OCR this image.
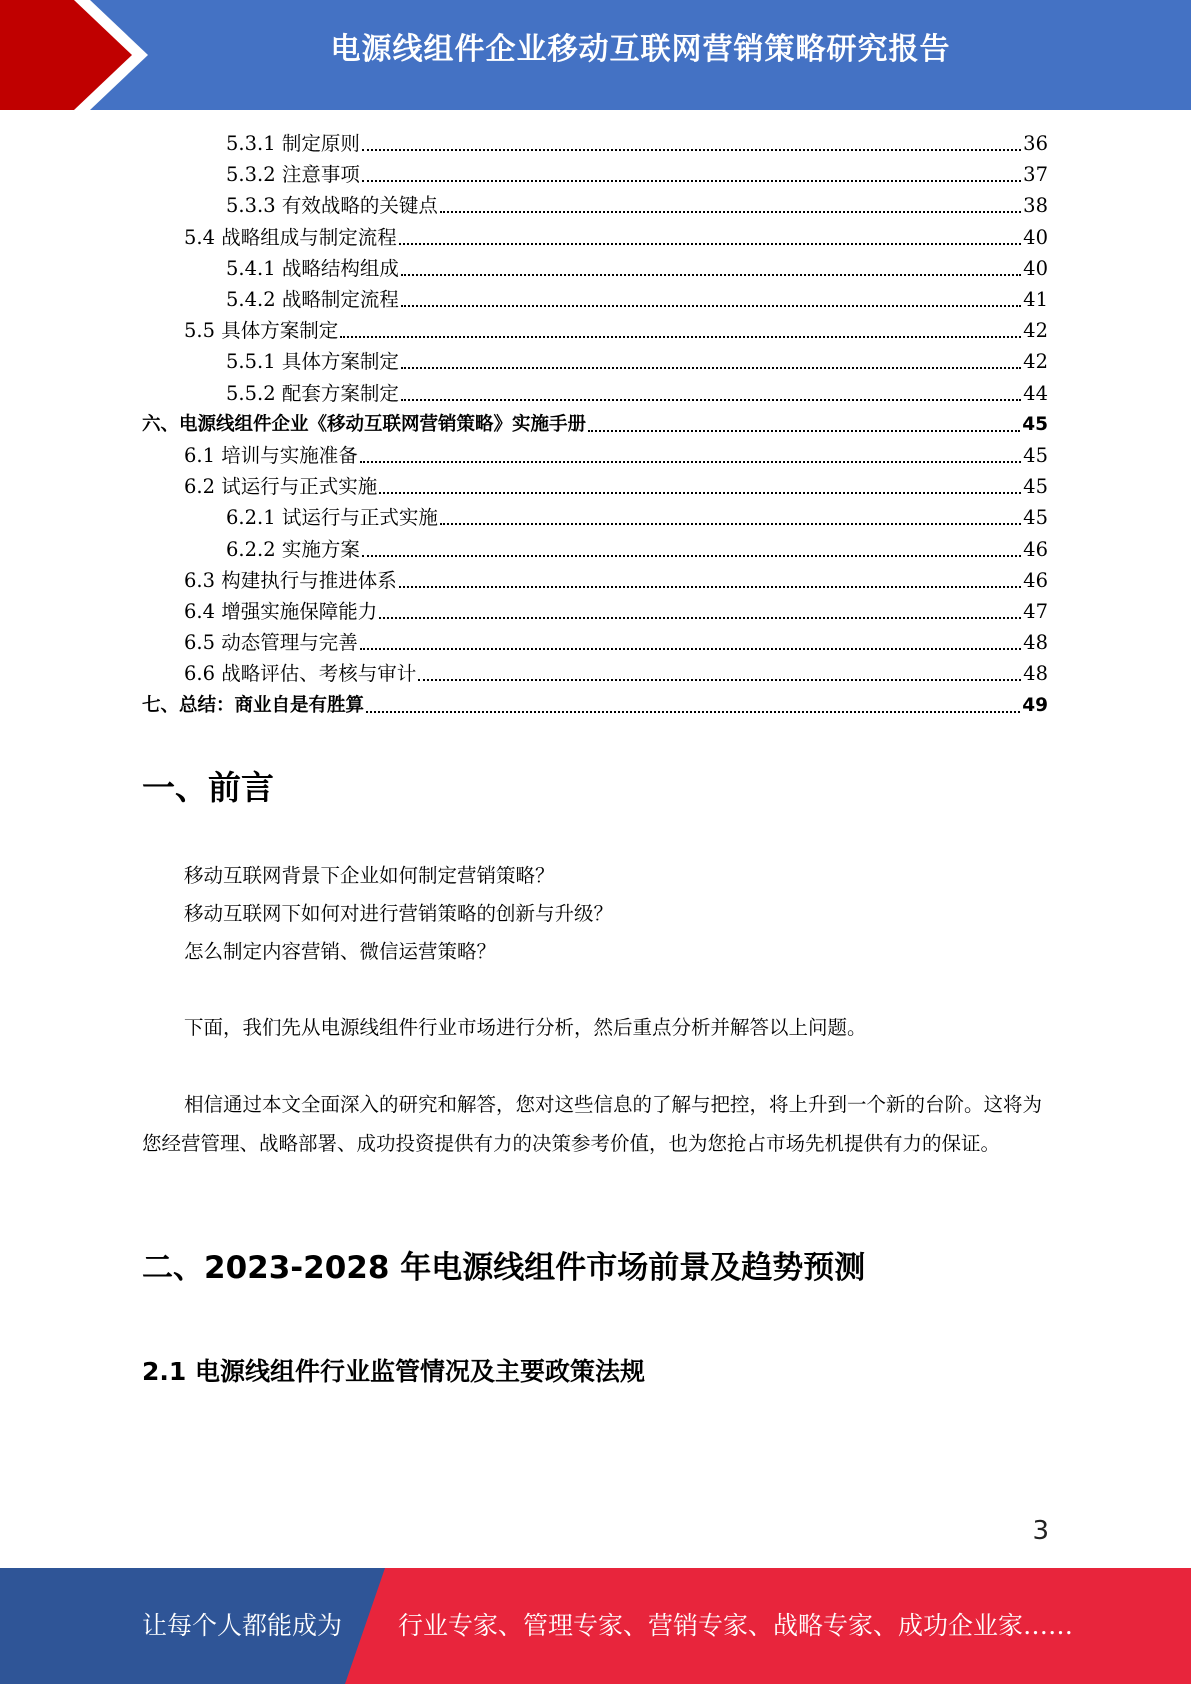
电源线组件企业移动互联网营销策略研究报告
5.3.1 制定原则	36
5.3.2 注意事项	37
5.3.3 有效战略的关键点	38
5.4 战略组成与制定流程	40
5.4.1 战略结构组成	40
5.4.2 战略制定流程	41
5.5 具体方案制定	42
5.5.1 具体方案制定	42
5.5.2 配套方案制定	44
六、电源线组件企业《移动互联网营销策略》实施手册	45
6.1 培训与实施准备	45
6.2 试运行与正式实施	45
6.2.1 试运行与正式实施	45
6.2.2 实施方案	46
6.3 构建执行与推进体系	46
6.4 增强实施保障能力	47
6.5 动态管理与完善	48
6.6 战略评估、考核与审计	48
七、总结：商业自是有胜算	49
一、前言
移动互联网背景下企业如何制定营销策略？
移动互联网下如何对进行营销策略的创新与升级？
怎么制定内容营销、微信运营策略？
下面，我们先从电源线组件行业市场进行分析，然后重点分析并解答以上问题。
相信通过本文全面深入的研究和解答，您对这些信息的了解与把控，将上升到一个新的台阶。这将为您经营管理、战略部署、成功投资提供有力的决策参考价值，也为您抢占市场先机提供有力的保证。
二、2023-2028 年电源线组件市场前景及趋势预测
2.1 电源线组件行业监管情况及主要政策法规
3
让每个人都能成为 行业专家、管理专家、营销专家、战略专家、成功企业家……
